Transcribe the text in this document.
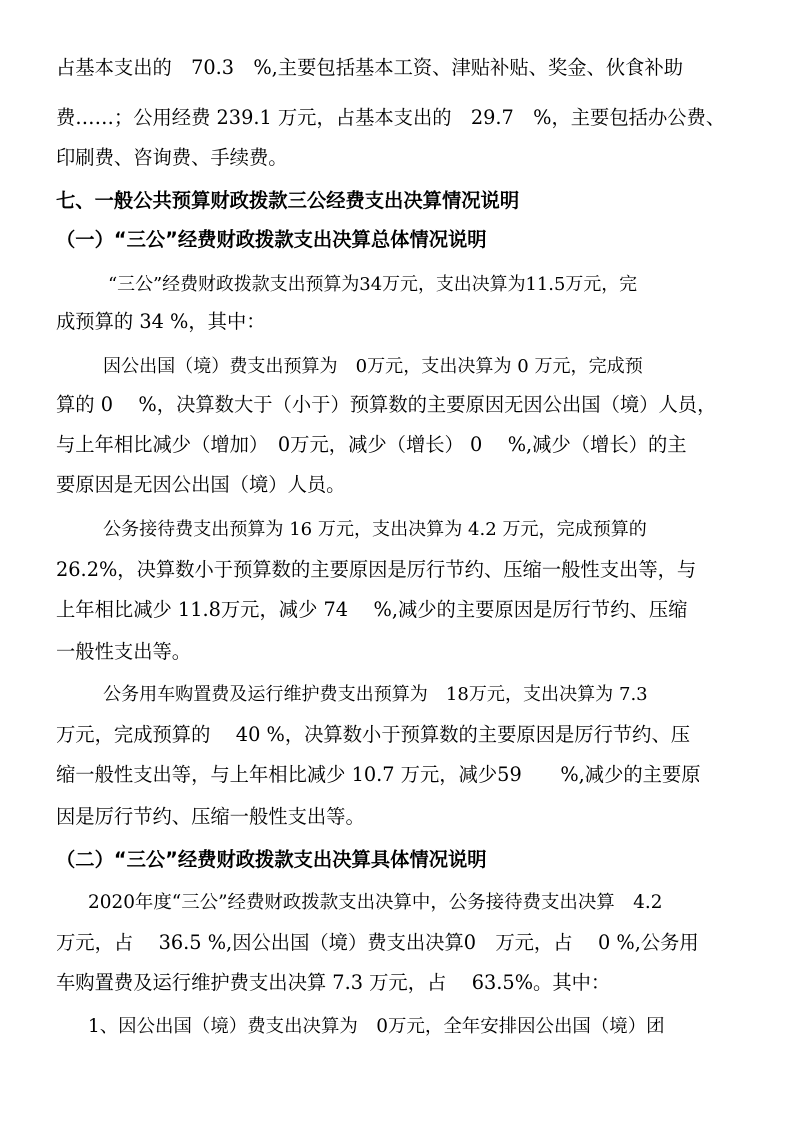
占基本支出的　70.3　%,主要包括基本工资、津贴补贴、奖金、伙食补助
费……；公用经费 239.1 万元，占基本支出的　29.7　%，主要包括办公费、
印刷费、咨询费、手续费。
七、一般公共预算财政拨款三公经费支出决算情况说明
（一）“三公”经费财政拨款支出决算总体情况说明
“三公”经费财政拨款支出预算为34万元，支出决算为11.5万元，完
成预算的 34 %，其中：
因公出国（境）费支出预算为　0万元，支出决算为 0 万元，完成预
算的 0　 %，决算数大于（小于）预算数的主要原因无因公出国（境）人员，
与上年相比减少（增加）　0万元，减少（增长） 0　 %,减少（增长）的主
要原因是无因公出国（境）人员。
公务接待费支出预算为 16 万元，支出决算为 4.2 万元，完成预算的
26.2%，决算数小于预算数的主要原因是厉行节约、压缩一般性支出等，与
上年相比减少 11.8万元，减少 74　 %,减少的主要原因是厉行节约、压缩
一般性支出等。
公务用车购置费及运行维护费支出预算为　18万元，支出决算为 7.3
万元，完成预算的　 40 %，决算数小于预算数的主要原因是厉行节约、压
缩一般性支出等，与上年相比减少 10.7 万元，减少59　　%,减少的主要原
因是厉行节约、压缩一般性支出等。
（二）“三公”经费财政拨款支出决算具体情况说明
2020年度“三公”经费财政拨款支出决算中，公务接待费支出决算　4.2
万元，占　 36.5 %,因公出国（境）费支出决算0　万元，占　 0 %,公务用
车购置费及运行维护费支出决算 7.3 万元，占　 63.5%。其中：
1、因公出国（境）费支出决算为　0万元，全年安排因公出国（境）团
